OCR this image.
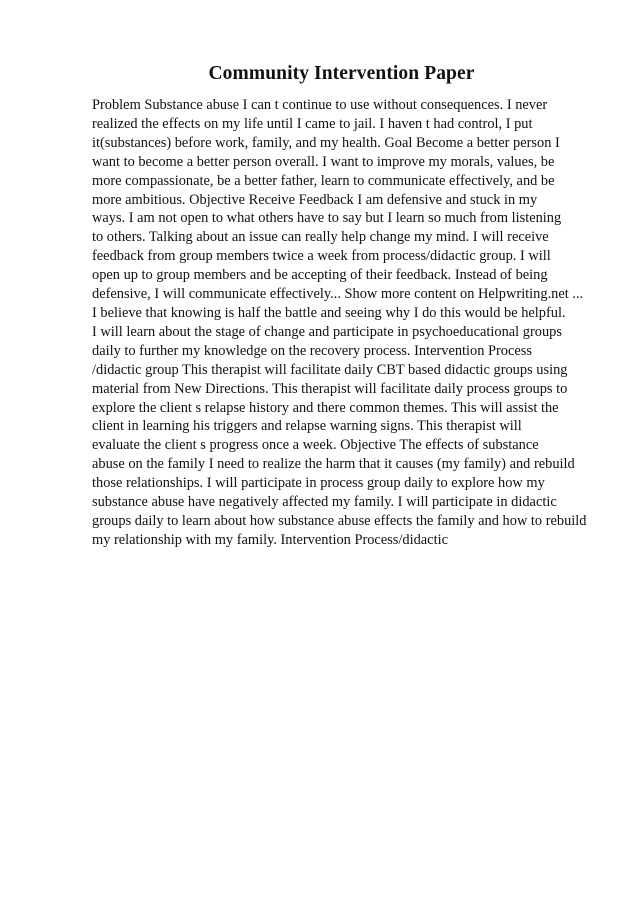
Community Intervention Paper
Problem Substance abuse I can t continue to use without consequences. I never
realized the effects on my life until I came to jail. I haven t had control, I put
it(substances) before work, family, and my health. Goal Become a better person I
want to become a better person overall. I want to improve my morals, values, be
more compassionate, be a better father, learn to communicate effectively, and be
more ambitious. Objective Receive Feedback I am defensive and stuck in my
ways. I am not open to what others have to say but I learn so much from listening
to others. Talking about an issue can really help change my mind. I will receive
feedback from group members twice a week from process/didactic group. I will
open up to group members and be accepting of their feedback. Instead of being
defensive, I will communicate effectively... Show more content on Helpwriting.net ...
I believe that knowing is half the battle and seeing why I do this would be helpful.
I will learn about the stage of change and participate in psychoeducational groups
daily to further my knowledge on the recovery process. Intervention Process
/didactic group This therapist will facilitate daily CBT based didactic groups using
material from New Directions. This therapist will facilitate daily process groups to
explore the client s relapse history and there common themes. This will assist the
client in learning his triggers and relapse warning signs. This therapist will
evaluate the client s progress once a week. Objective The effects of substance
abuse on the family I need to realize the harm that it causes (my family) and rebuild
those relationships. I will participate in process group daily to explore how my
substance abuse have negatively affected my family. I will participate in didactic
groups daily to learn about how substance abuse effects the family and how to rebuild
my relationship with my family. Intervention Process/didactic
